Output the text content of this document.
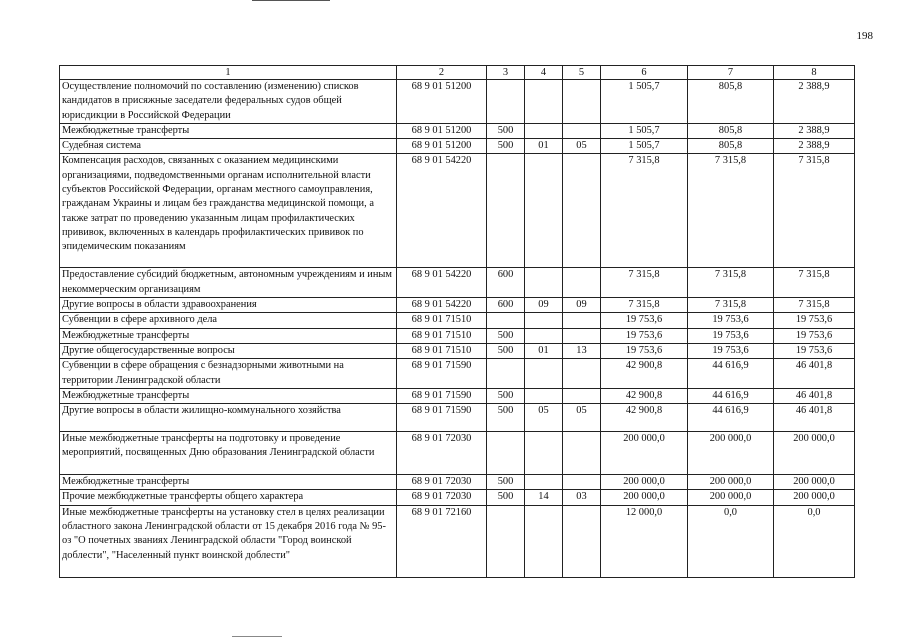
198
1	2	3	4	5	6	7	8
Осуществление полномочий по составлению (изменению) списков кандидатов в присяжные заседатели федеральных судов общей юрисдикции в Российской Федерации	68 9 01 51200				1 505,7	805,8	2 388,9
Межбюджетные трансферты	68 9 01 51200	500			1 505,7	805,8	2 388,9
Судебная система	68 9 01 51200	500	01	05	1 505,7	805,8	2 388,9
Компенсация расходов, связанных с оказанием медицинскими организациями, подведомственными органам исполнительной власти субъектов Российской Федерации, органам местного самоуправления, гражданам Украины и лицам без гражданства медицинской помощи, а также затрат по проведению указанным лицам профилактических прививок, включенных в календарь профилактических прививок по эпидемическим показаниям	68 9 01 54220				7 315,8	7 315,8	7 315,8
Предоставление субсидий бюджетным, автономным учреждениям и иным некоммерческим организациям	68 9 01 54220	600			7 315,8	7 315,8	7 315,8
Другие вопросы в области здравоохранения	68 9 01 54220	600	09	09	7 315,8	7 315,8	7 315,8
Субвенции в сфере архивного дела	68 9 01 71510				19 753,6	19 753,6	19 753,6
Межбюджетные трансферты	68 9 01 71510	500			19 753,6	19 753,6	19 753,6
Другие общегосударственные вопросы	68 9 01 71510	500	01	13	19 753,6	19 753,6	19 753,6
Субвенции в сфере обращения с безнадзорными животными на территории Ленинградской области	68 9 01 71590				42 900,8	44 616,9	46 401,8
Межбюджетные трансферты	68 9 01 71590	500			42 900,8	44 616,9	46 401,8
Другие вопросы в области жилищно-коммунального хозяйства	68 9 01 71590	500	05	05	42 900,8	44 616,9	46 401,8
Иные межбюджетные трансферты на подготовку и проведение мероприятий, посвященных Дню образования Ленинградской области	68 9 01 72030				200 000,0	200 000,0	200 000,0
Межбюджетные трансферты	68 9 01 72030	500			200 000,0	200 000,0	200 000,0
Прочие межбюджетные трансферты общего характера	68 9 01 72030	500	14	03	200 000,0	200 000,0	200 000,0
Иные межбюджетные трансферты на установку стел в целях реализации областного закона Ленинградской области от 15 декабря 2016 года № 95-оз "О почетных званиях Ленинградской области "Город воинской доблести", "Населенный пункт воинской доблести"	68 9 01 72160				12 000,0	0,0	0,0
